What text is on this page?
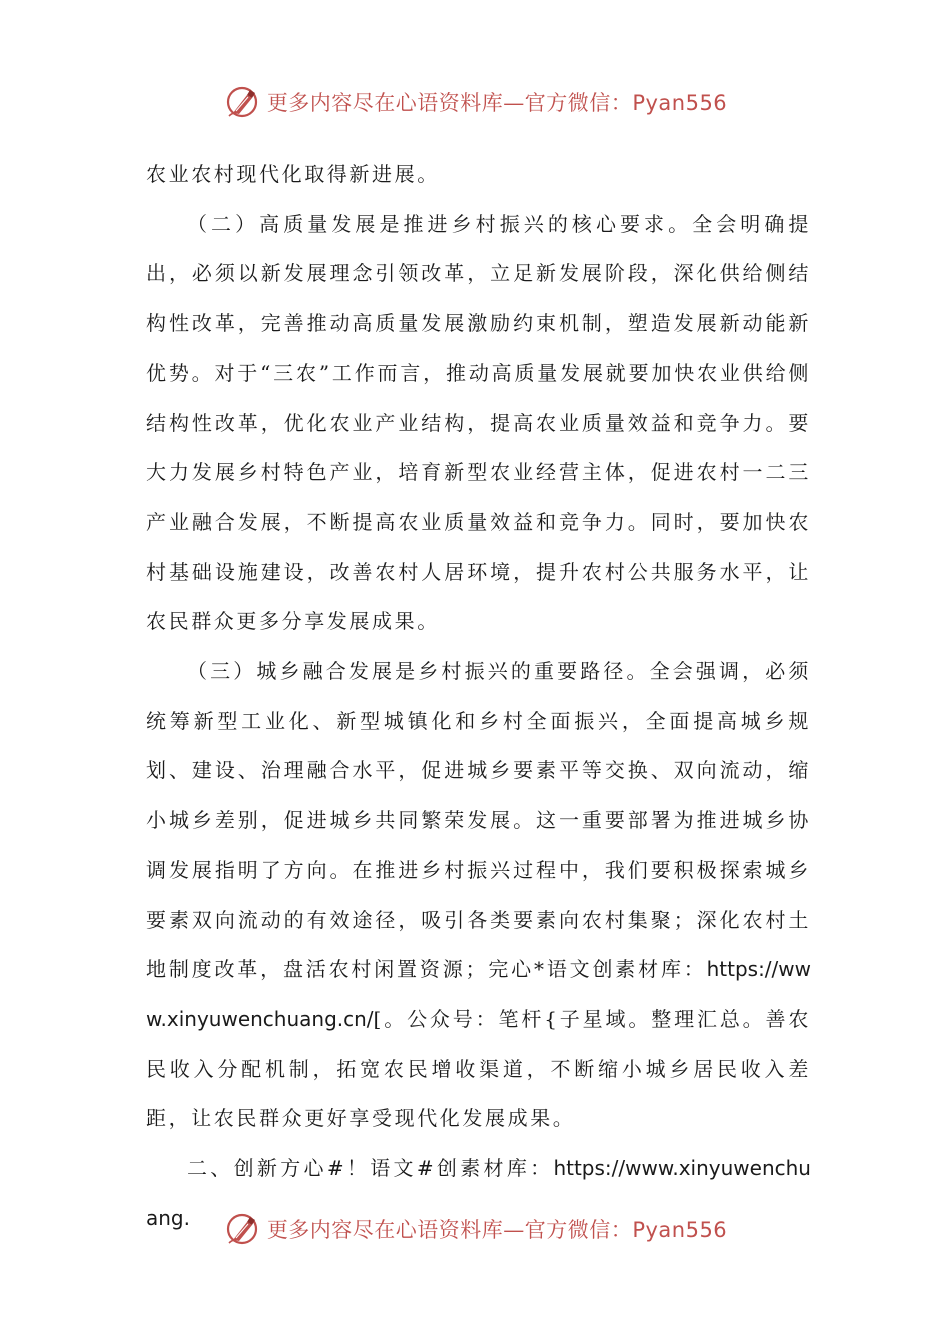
更多内容尽在心语资料库—官方微信：Pyan556

农业农村现代化取得新进展。

（二）高质量发展是推进乡村振兴的核心要求。全会明确提出，必须以新发展理念引领改革，立足新发展阶段，深化供给侧结构性改革，完善推动高质量发展激励约束机制，塑造发展新动能新优势。对于“三农”工作而言，推动高质量发展就要加快农业供给侧结构性改革，优化农业产业结构，提高农业质量效益和竞争力。要大力发展乡村特色产业，培育新型农业经营主体，促进农村一二三产业融合发展，不断提高农业质量效益和竞争力。同时，要加快农村基础设施建设，改善农村人居环境，提升农村公共服务水平，让农民群众更多分享发展成果。

（三）城乡融合发展是乡村振兴的重要路径。全会强调，必须统筹新型工业化、新型城镇化和乡村全面振兴，全面提高城乡规划、建设、治理融合水平，促进城乡要素平等交换、双向流动，缩小城乡差别，促进城乡共同繁荣发展。这一重要部署为推进城乡协调发展指明了方向。在推进乡村振兴过程中，我们要积极探索城乡要素双向流动的有效途径，吸引各类要素向农村集聚；深化农村土地制度改革，盘活农村闲置资源；完心*语文创素材库：https://www.xinyuwenchuang.cn/[。公众号：笔杆{子星域。整理汇总。善农民收入分配机制，拓宽农民增收渠道，不断缩小城乡居民收入差距，让农民群众更好享受现代化发展成果。

二、创新方心#！语文#创素材库：https://www.xinyuwenchuang.

更多内容尽在心语资料库—官方微信：Pyan556
